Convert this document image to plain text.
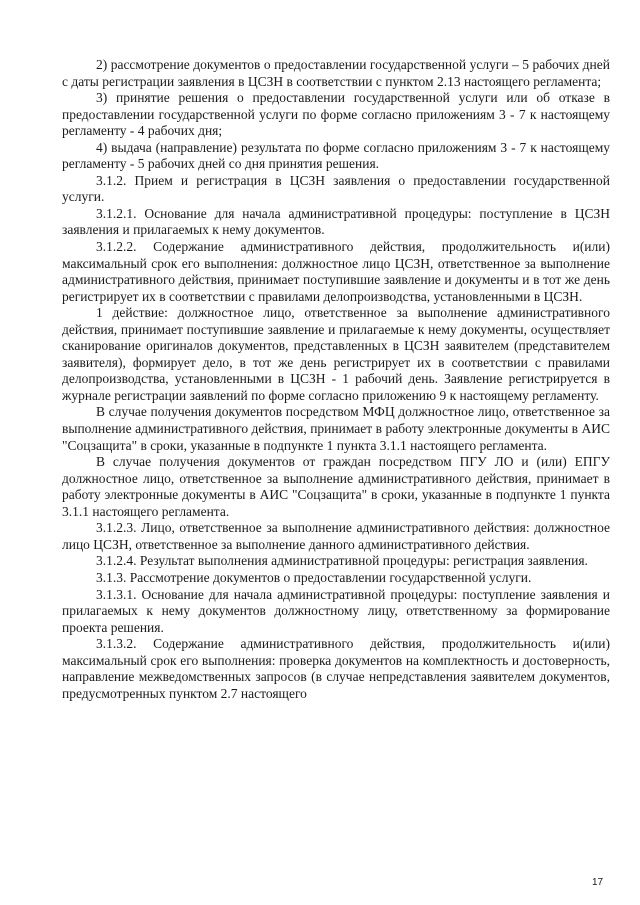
2) рассмотрение документов о предоставлении государственной услуги – 5 рабочих дней с даты регистрации заявления в ЦСЗН в соответствии с пунктом 2.13 настоящего регламента;

3) принятие решения о предоставлении государственной услуги или об отказе в предоставлении государственной услуги по форме согласно приложениям 3 - 7 к настоящему регламенту - 4 рабочих дня;

4) выдача (направление) результата по форме согласно приложениям 3 - 7 к настоящему регламенту - 5 рабочих дней со дня принятия решения.

3.1.2. Прием и регистрация в ЦСЗН заявления о предоставлении государственной услуги.

3.1.2.1. Основание для начала административной процедуры: поступление в ЦСЗН заявления и прилагаемых к нему документов.

3.1.2.2. Содержание административного действия, продолжительность и(или) максимальный срок его выполнения: должностное лицо ЦСЗН, ответственное за выполнение административного действия, принимает поступившие заявление и документы и в тот же день регистрирует их в соответствии с правилами делопроизводства, установленными в ЦСЗН.

1 действие: должностное лицо, ответственное за выполнение административного действия, принимает поступившие заявление и прилагаемые к нему документы, осуществляет сканирование оригиналов документов, представленных в ЦСЗН заявителем (представителем заявителя), формирует дело, в тот же день регистрирует их в соответствии с правилами делопроизводства, установленными в ЦСЗН - 1 рабочий день. Заявление регистрируется в журнале регистрации заявлений по форме согласно приложению 9 к настоящему регламенту.

В случае получения документов посредством МФЦ должностное лицо, ответственное за выполнение административного действия, принимает в работу электронные документы в АИС "Соцзащита" в сроки, указанные в подпункте 1 пункта 3.1.1 настоящего регламента.

В случае получения документов от граждан посредством ПГУ ЛО и (или) ЕПГУ должностное лицо, ответственное за выполнение административного действия, принимает в работу электронные документы в АИС "Соцзащита" в сроки, указанные в подпункте 1 пункта 3.1.1 настоящего регламента.

3.1.2.3. Лицо, ответственное за выполнение административного действия: должностное лицо ЦСЗН, ответственное за выполнение данного административного действия.

3.1.2.4. Результат выполнения административной процедуры: регистрация заявления.

3.1.3. Рассмотрение документов о предоставлении государственной услуги.

3.1.3.1. Основание для начала административной процедуры: поступление заявления и прилагаемых к нему документов должностному лицу, ответственному за формирование проекта решения.

3.1.3.2. Содержание административного действия, продолжительность и(или) максимальный срок его выполнения: проверка документов на комплектность и достоверность, направление межведомственных запросов (в случае непредставления заявителем документов, предусмотренных пунктом 2.7 настоящего

17
